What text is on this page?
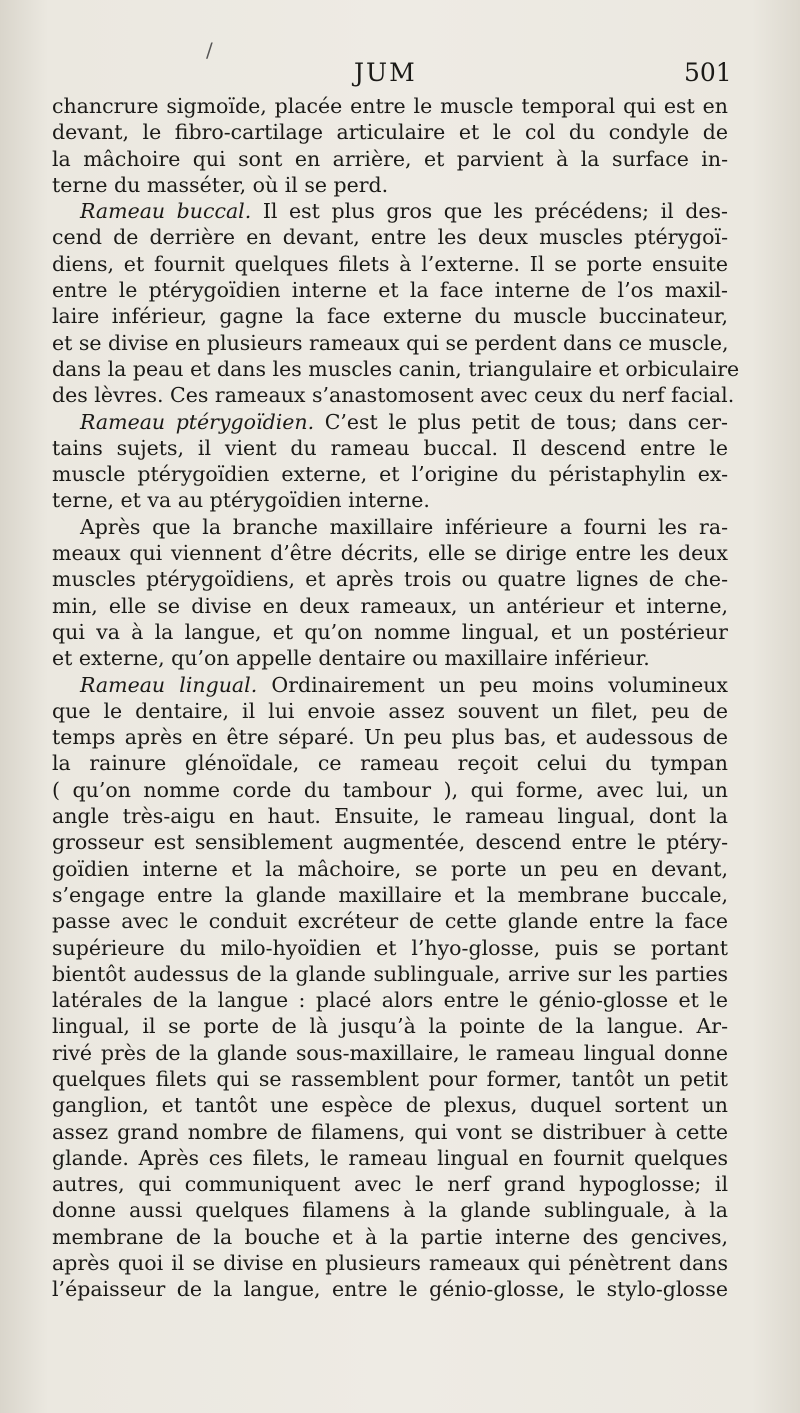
/
JUM	501
chancrure sigmoïde, placée entre le muscle temporal qui est en
devant, le fibro-cartilage articulaire et le col du condyle de
la mâchoire qui sont en arrière, et parvient à la surface in-
terne du masséter, où il se perd.
Rameau buccal. Il est plus gros que les précédens; il des-
cend de derrière en devant, entre les deux muscles ptérygoï-
diens, et fournit quelques filets à l’externe. Il se porte ensuite
entre le ptérygoïdien interne et la face interne de l’os maxil-
laire inférieur, gagne la face externe du muscle buccinateur,
et se divise en plusieurs rameaux qui se perdent dans ce muscle,
dans la peau et dans les muscles canin, triangulaire et orbiculaire
des lèvres. Ces rameaux s’anastomosent avec ceux du nerf facial.
Rameau ptérygoïdien. C’est le plus petit de tous; dans cer-
tains sujets, il vient du rameau buccal. Il descend entre le
muscle ptérygoïdien externe, et l’origine du péristaphylin ex-
terne, et va au ptérygoïdien interne.
Après que la branche maxillaire inférieure a fourni les ra-
meaux qui viennent d’être décrits, elle se dirige entre les deux
muscles ptérygoïdiens, et après trois ou quatre lignes de che-
min, elle se divise en deux rameaux, un antérieur et interne,
qui va à la langue, et qu’on nomme lingual, et un postérieur
et externe, qu’on appelle dentaire ou maxillaire inférieur.
Rameau lingual. Ordinairement un peu moins volumineux
que le dentaire, il lui envoie assez souvent un filet, peu de
temps après en être séparé. Un peu plus bas, et audessous de
la rainure glénoïdale, ce rameau reçoit celui du tympan
( qu’on nomme corde du tambour ), qui forme, avec lui, un
angle très-aigu en haut. Ensuite, le rameau lingual, dont la
grosseur est sensiblement augmentée, descend entre le ptéry-
goïdien interne et la mâchoire, se porte un peu en devant,
s’engage entre la glande maxillaire et la membrane buccale,
passe avec le conduit excréteur de cette glande entre la face
supérieure du milo-hyoïdien et l’hyo-glosse, puis se portant
bientôt audessus de la glande sublinguale, arrive sur les parties
latérales de la langue : placé alors entre le génio-glosse et le
lingual, il se porte de là jusqu’à la pointe de la langue. Ar-
rivé près de la glande sous-maxillaire, le rameau lingual donne
quelques filets qui se rassemblent pour former, tantôt un petit
ganglion, et tantôt une espèce de plexus, duquel sortent un
assez grand nombre de filamens, qui vont se distribuer à cette
glande. Après ces filets, le rameau lingual en fournit quelques
autres, qui communiquent avec le nerf grand hypoglosse; il
donne aussi quelques filamens à la glande sublinguale, à la
membrane de la bouche et à la partie interne des gencives,
après quoi il se divise en plusieurs rameaux qui pénètrent dans
l’épaisseur de la langue, entre le génio-glosse, le stylo-glosse
